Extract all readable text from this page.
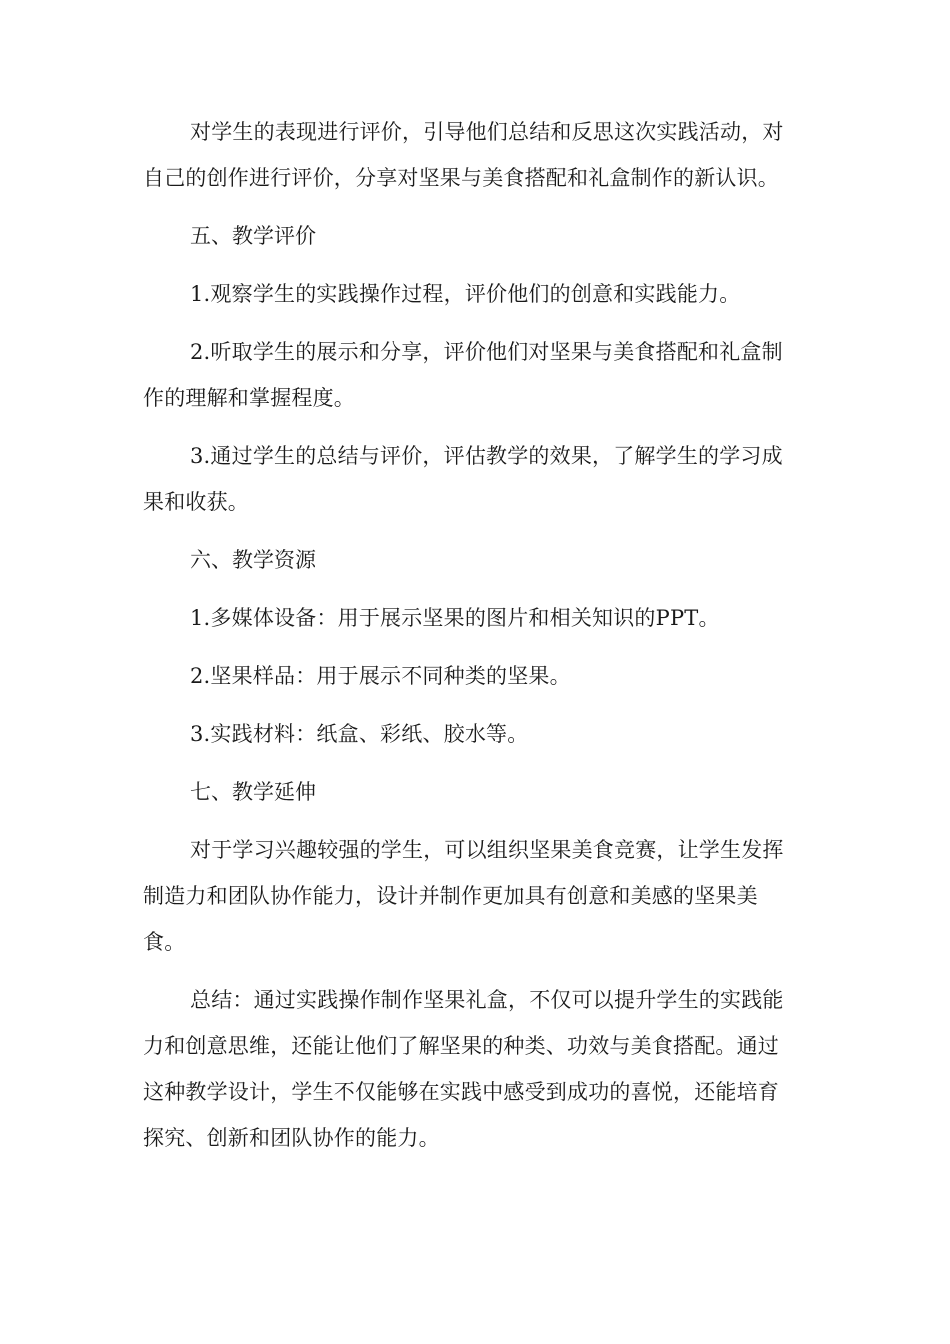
对学生的表现进行评价，引导他们总结和反思这次实践活动，对自己的创作进行评价，分享对坚果与美食搭配和礼盒制作的新认识。

五、教学评价

1.观察学生的实践操作过程，评价他们的创意和实践能力。

2.听取学生的展示和分享，评价他们对坚果与美食搭配和礼盒制作的理解和掌握程度。

3.通过学生的总结与评价，评估教学的效果，了解学生的学习成果和收获。

六、教学资源

1.多媒体设备：用于展示坚果的图片和相关知识的PPT。

2.坚果样品：用于展示不同种类的坚果。

3.实践材料：纸盒、彩纸、胶水等。

七、教学延伸

对于学习兴趣较强的学生，可以组织坚果美食竞赛，让学生发挥制造力和团队协作能力，设计并制作更加具有创意和美感的坚果美食。

总结：通过实践操作制作坚果礼盒，不仅可以提升学生的实践能力和创意思维，还能让他们了解坚果的种类、功效与美食搭配。通过这种教学设计，学生不仅能够在实践中感受到成功的喜悦，还能培育探究、创新和团队协作的能力。
